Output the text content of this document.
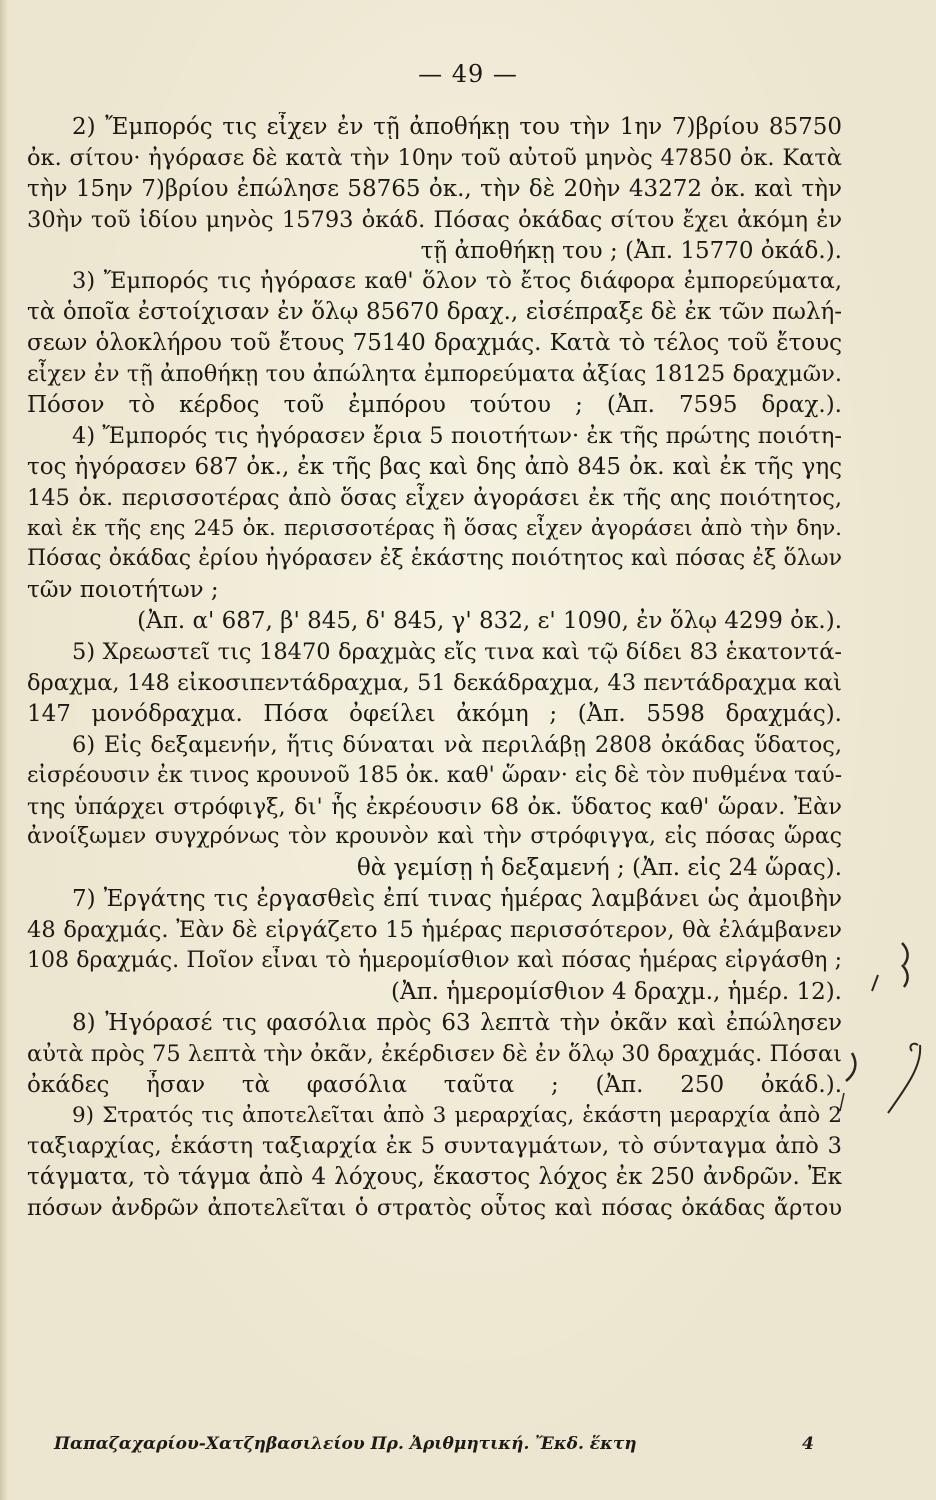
— 49 —
2) Ἔμπορός τις εἶχεν ἐν τῇ ἀποθήκῃ του τὴν 1ην 7)βρίου 85750
ὀκ. σίτου· ἠγόρασε δὲ κατὰ τὴν 10ην τοῦ αὐτοῦ μηνὸς 47850 ὀκ. Κατὰ
τὴν 15ην 7)βρίου ἐπώλησε 58765 ὀκ., τὴν δὲ 20ὴν 43272 ὀκ. καὶ τὴν
30ὴν τοῦ ἰδίου μηνὸς 15793 ὀκάδ. Πόσας ὀκάδας σίτου ἔχει ἀκόμη ἐν
τῇ ἀποθήκῃ του ; (Ἀπ. 15770 ὀκάδ.).
3) Ἔμπορός τις ἠγόρασε καθ' ὅλον τὸ ἔτος διάφορα ἐμπορεύματα,
τὰ ὁποῖα ἐστοίχισαν ἐν ὅλῳ 85670 δραχ., εἰσέπραξε δὲ ἐκ τῶν πωλή-
σεων ὁλοκλήρου τοῦ ἔτους 75140 δραχμάς. Κατὰ τὸ τέλος τοῦ ἔτους
εἶχεν ἐν τῇ ἀποθήκῃ του ἀπώλητα ἐμπορεύματα ἀξίας 18125 δραχμῶν.
Πόσον τὸ κέρδος τοῦ ἐμπόρου τούτου ; (Ἀπ. 7595 δραχ.).
4) Ἔμπορός τις ἠγόρασεν ἔρια 5 ποιοτήτων· ἐκ τῆς πρώτης ποιότη-
τος ἠγόρασεν 687 ὀκ., ἐκ τῆς βας καὶ δης ἀπὸ 845 ὀκ. καὶ ἐκ τῆς γης
145 ὀκ. περισσοτέρας ἀπὸ ὅσας εἶχεν ἀγοράσει ἐκ τῆς αης ποιότητος,
καὶ ἐκ τῆς εης 245 ὀκ. περισσοτέρας ἢ ὅσας εἶχεν ἀγοράσει ἀπὸ τὴν δην.
Πόσας ὀκάδας ἐρίου ἠγόρασεν ἐξ ἑκάστης ποιότητος καὶ πόσας ἐξ ὅλων
τῶν ποιοτήτων ;
(Ἀπ. α' 687, β' 845, δ' 845, γ' 832, ε' 1090, ἐν ὅλῳ 4299 ὀκ.).
5) Χρεωστεῖ τις 18470 δραχμὰς εἴς τινα καὶ τῷ δίδει 83 ἑκατοντά-
δραχμα, 148 εἰκοσιπεντάδραχμα, 51 δεκάδραχμα, 43 πεντάδραχμα καὶ
147 μονόδραχμα. Πόσα ὀφείλει ἀκόμη ; (Ἀπ. 5598 δραχμάς).
6) Εἰς δεξαμενήν, ἥτις δύναται νὰ περιλάβῃ 2808 ὀκάδας ὕδατος,
εἰσρέουσιν ἐκ τινος κρουνοῦ 185 ὀκ. καθ' ὥραν· εἰς δὲ τὸν πυθμένα ταύ-
της ὑπάρχει στρόφιγξ, δι' ἧς ἐκρέουσιν 68 ὀκ. ὕδατος καθ' ὥραν. Ἐὰν
ἀνοίξωμεν συγχρόνως τὸν κρουνὸν καὶ τὴν στρόφιγγα, εἰς πόσας ὥρας
θὰ γεμίσῃ ἡ δεξαμενή ; (Ἀπ. εἰς 24 ὥρας).
7) Ἐργάτης τις ἐργασθεὶς ἐπί τινας ἡμέρας λαμβάνει ὡς ἀμοιβὴν
48 δραχμάς. Ἐὰν δὲ εἰργάζετο 15 ἡμέρας περισσότερον, θὰ ἐλάμβανεν
108 δραχμάς. Ποῖον εἶναι τὸ ἡμερομίσθιον καὶ πόσας ἡμέρας εἰργάσθη ;
(Ἀπ. ἡμερομίσθιον 4 δραχμ., ἡμέρ. 12).
8) Ἠγόρασέ τις φασόλια πρὸς 63 λεπτὰ τὴν ὀκᾶν καὶ ἐπώλησεν
αὐτὰ πρὸς 75 λεπτὰ τὴν ὀκᾶν, ἐκέρδισεν δὲ ἐν ὅλῳ 30 δραχμάς. Πόσαι
ὀκάδες ἦσαν τὰ φασόλια ταῦτα ; (Ἀπ. 250 ὀκάδ.).
9) Στρατός τις ἀποτελεῖται ἀπὸ 3 μεραρχίας, ἑκάστη μεραρχία ἀπὸ 2
ταξιαρχίας, ἑκάστη ταξιαρχία ἐκ 5 συνταγμάτων, τὸ σύνταγμα ἀπὸ 3
τάγματα, τὸ τάγμα ἀπὸ 4 λόχους, ἕκαστος λόχος ἐκ 250 ἀνδρῶν. Ἐκ
πόσων ἀνδρῶν ἀποτελεῖται ὁ στρατὸς οὗτος καὶ πόσας ὀκάδας ἄρτου
Παπαζαχαρίου-Χατζηβασιλείου Πρ. Ἀριθμητική. Ἔκδ. ἕκτη	4
